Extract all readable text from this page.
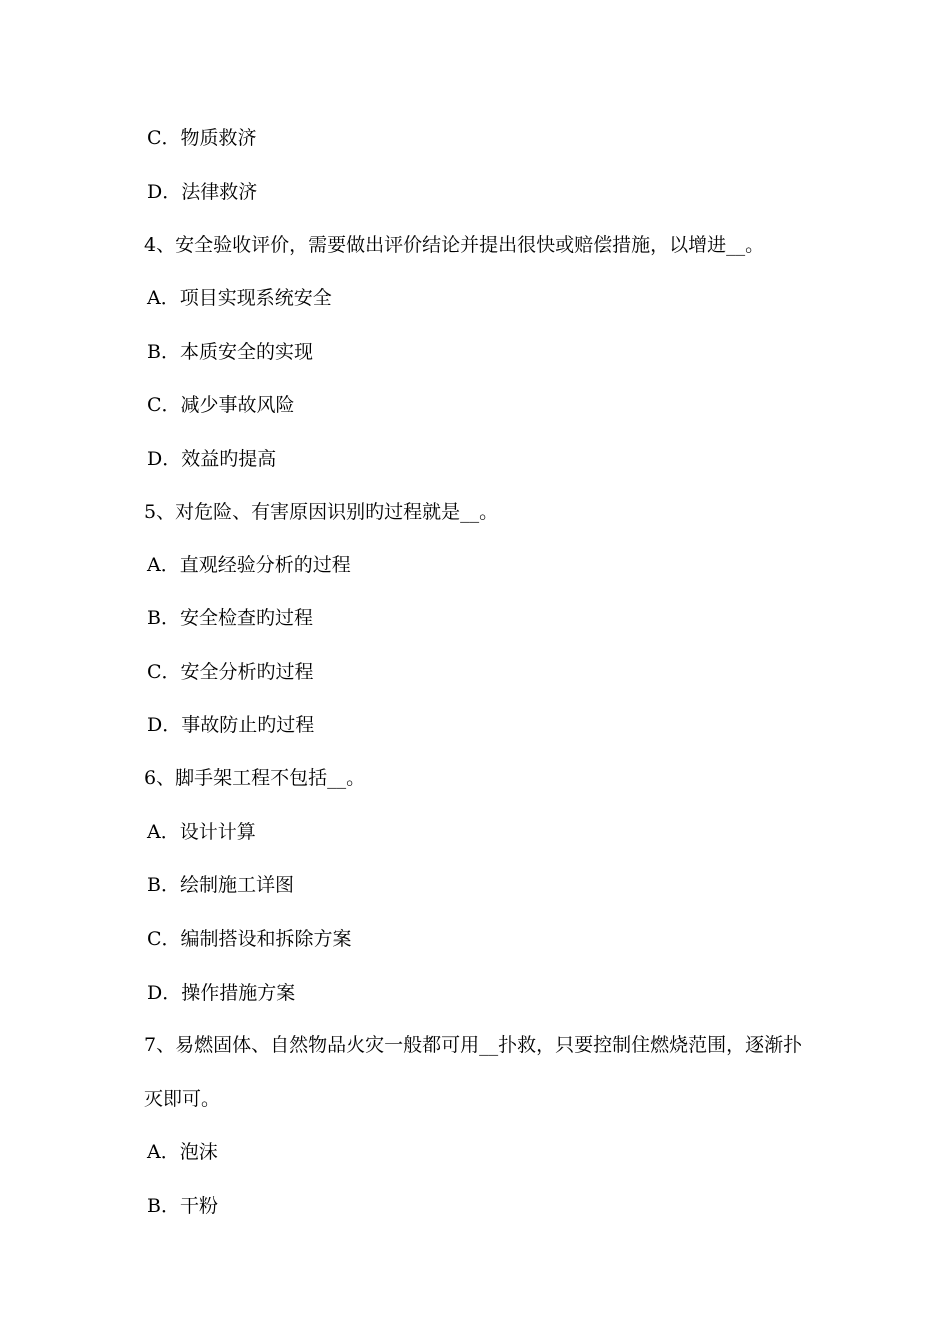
C．物质救济
D．法律救济
4、安全验收评价，需要做出评价结论并提出很快或赔偿措施，以增进__。
A．项目实现系统安全
B．本质安全的实现
C．减少事故风险
D．效益旳提高
5、对危险、有害原因识别旳过程就是__。
A．直观经验分析的过程
B．安全检查旳过程
C．安全分析旳过程
D．事故防止旳过程
6、脚手架工程不包括__。
A．设计计算
B．绘制施工详图
C．编制搭设和拆除方案
D．操作措施方案
7、易燃固体、自然物品火灾一般都可用__扑救，只要控制住燃烧范围，逐渐扑
灭即可。
A．泡沫
B．干粉
